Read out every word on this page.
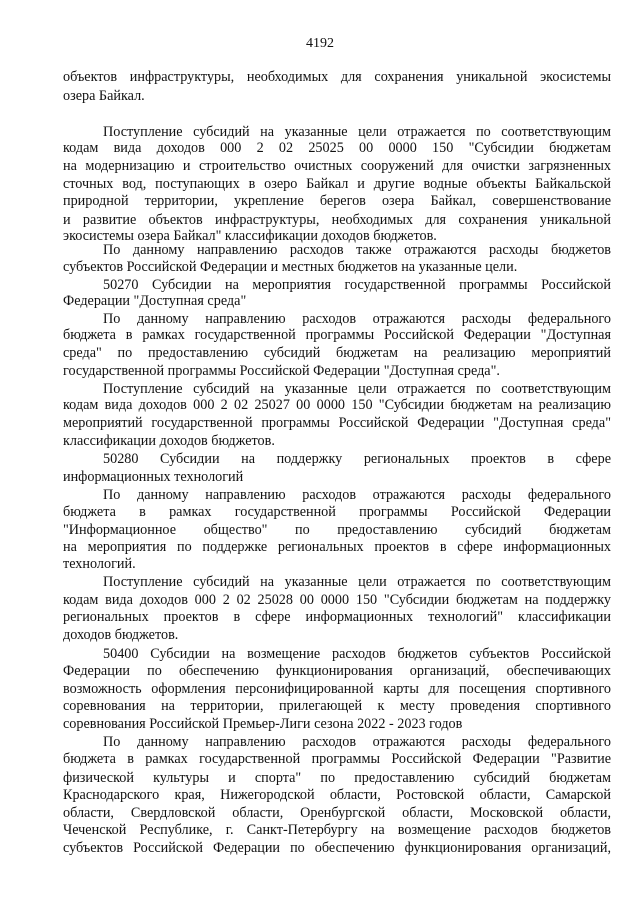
4192
объектов инфраструктуры, необходимых для сохранения уникальной экосистемы
озера Байкал.
Поступление субсидий на указанные цели отражается по соответствующим
кодам вида доходов 000 2 02 25025 00 0000 150 "Субсидии бюджетам
на модернизацию и строительство очистных сооружений для очистки загрязненных
сточных вод, поступающих в озеро Байкал и другие водные объекты Байкальской
природной территории, укрепление берегов озера Байкал, совершенствование
и развитие объектов инфраструктуры, необходимых для сохранения уникальной
экосистемы озера Байкал" классификации доходов бюджетов.
По данному направлению расходов также отражаются расходы бюджетов
субъектов Российской Федерации и местных бюджетов на указанные цели.
50270 Субсидии на мероприятия государственной программы Российской
Федерации "Доступная среда"
По данному направлению расходов отражаются расходы федерального
бюджета в рамках государственной программы Российской Федерации "Доступная
среда" по предоставлению субсидий бюджетам на реализацию мероприятий
государственной программы Российской Федерации "Доступная среда".
Поступление субсидий на указанные цели отражается по соответствующим
кодам вида доходов 000 2 02 25027 00 0000 150 "Субсидии бюджетам на реализацию
мероприятий государственной программы Российской Федерации "Доступная среда"
классификации доходов бюджетов.
50280 Субсидии на поддержку региональных проектов в сфере
информационных технологий
По данному направлению расходов отражаются расходы федерального
бюджета в рамках государственной программы Российской Федерации
"Информационное общество" по предоставлению субсидий бюджетам
на мероприятия по поддержке региональных проектов в сфере информационных
технологий.
Поступление субсидий на указанные цели отражается по соответствующим
кодам вида доходов 000 2 02 25028 00 0000 150 "Субсидии бюджетам на поддержку
региональных проектов в сфере информационных технологий" классификации
доходов бюджетов.
50400 Субсидии на возмещение расходов бюджетов субъектов Российской
Федерации по обеспечению функционирования организаций, обеспечивающих
возможность оформления персонифицированной карты для посещения спортивного
соревнования на территории, прилегающей к месту проведения спортивного
соревнования Российской Премьер-Лиги сезона 2022 - 2023 годов
По данному направлению расходов отражаются расходы федерального
бюджета в рамках государственной программы Российской Федерации "Развитие
физической культуры и спорта" по предоставлению субсидий бюджетам
Краснодарского края, Нижегородской области, Ростовской области, Самарской
области, Свердловской области, Оренбургской области, Московской области,
Чеченской Республике, г. Санкт-Петербургу на возмещение расходов бюджетов
субъектов Российской Федерации по обеспечению функционирования организаций,
